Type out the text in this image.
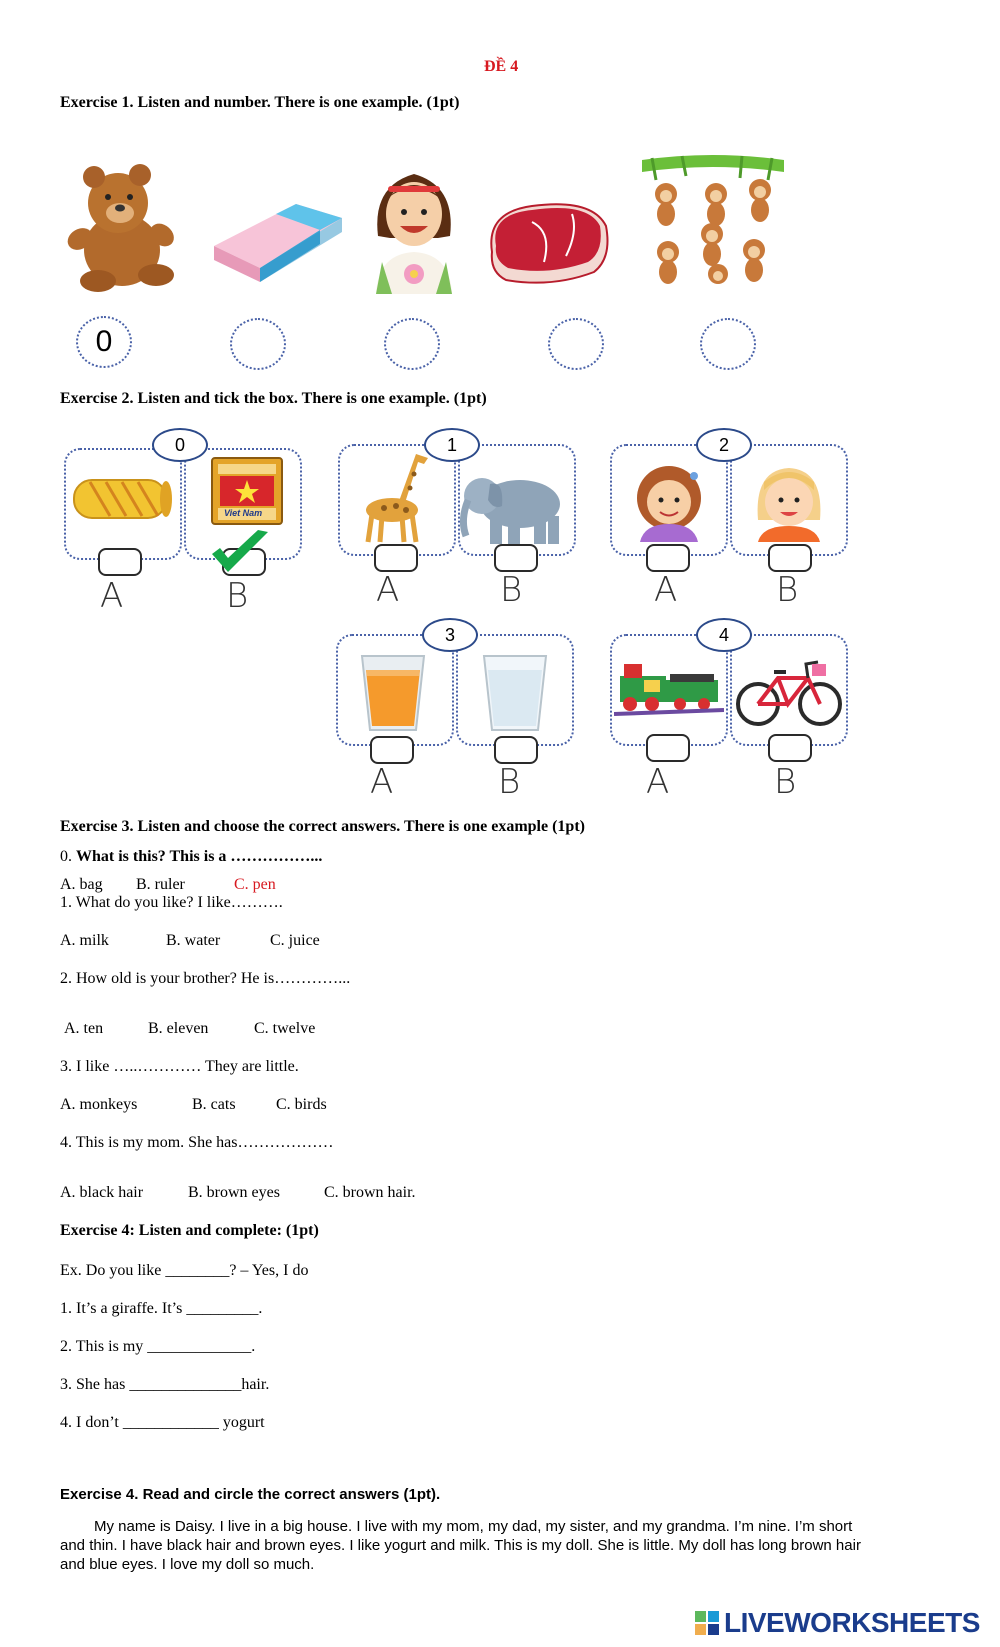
ĐỀ 4
Exercise 1. Listen and number. There is one example. (1pt)
0
Exercise 2. Listen and tick the box. There is one example. (1pt)
0
Viet Nam
A	B
1
A	B
2
A	B
3
A	B
4
A	B
Exercise 3. Listen and choose the correct answers. There is one example (1pt)
0. What is this? This is a ……………...
A. bag B. ruler	C. pen
1. What do you like? I like……….
A. milk	B. water	C. juice
2. How old is your brother? He is…………...
A. ten	B. eleven	C. twelve
3. I like …..………… They are little.
A. monkeys	B. cats	C. birds
4. This is my mom. She has………………
A. black hair	B. brown eyes	C. brown hair.
Exercise 4: Listen and complete: (1pt)
Ex. Do you like ________? – Yes, I do
1. It’s a giraffe. It’s _________.
2. This is my _____________.
3. She has ______________hair.
4. I don’t ____________ yogurt
Exercise 4. Read and circle the correct answers (1pt).
My name is Daisy. I live in a big house. I live with my mom, my dad, my sister, and my grandma. I’m nine. I’m short
and thin. I have black hair and brown eyes. I like yogurt and milk. This is my doll. She is little. My doll has long brown hair
and blue eyes. I love my doll so much.
LIVEWORKSHEETS
